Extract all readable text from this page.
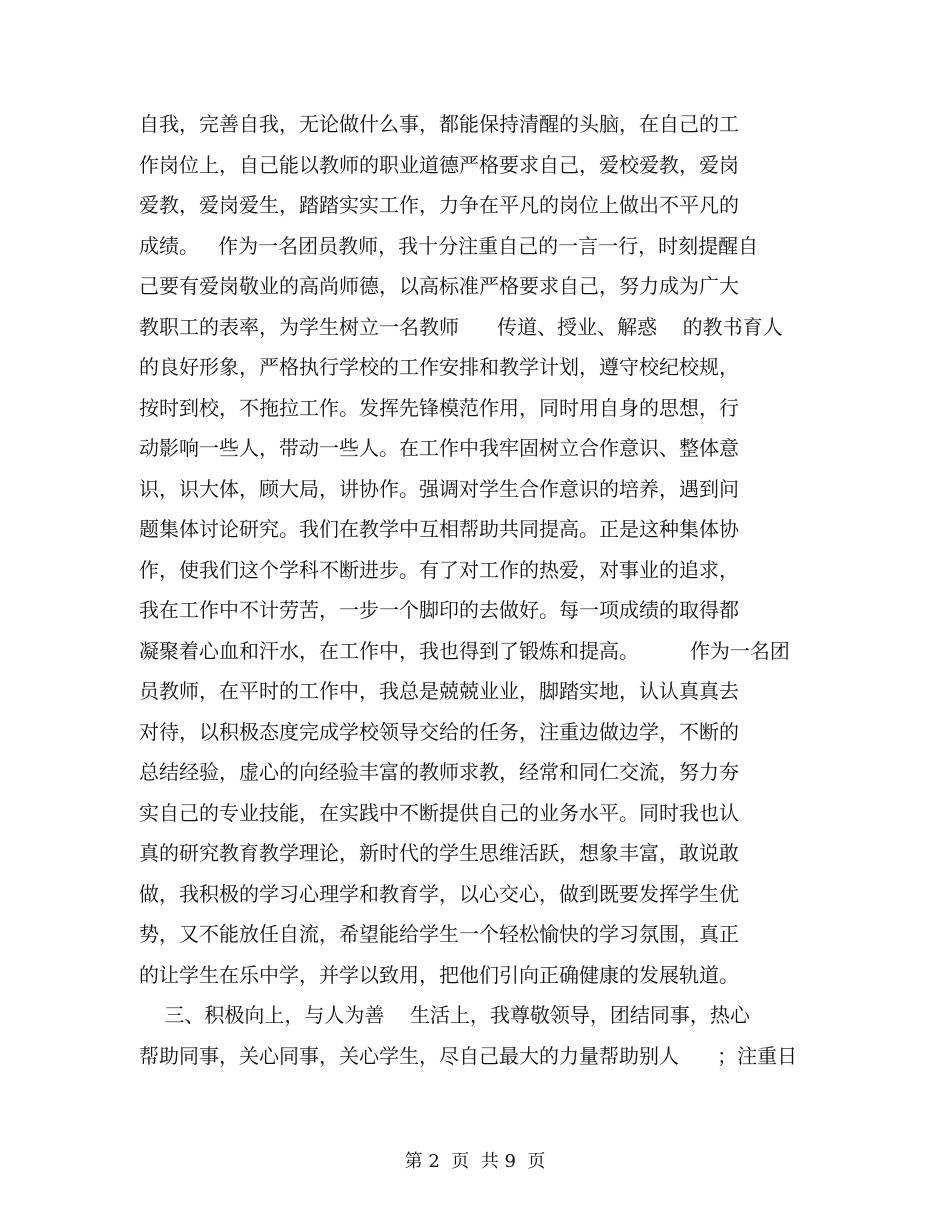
自我，完善自我，无论做什么事，都能保持清醒的头脑，在自己的工
作岗位上，自己能以教师的职业道德严格要求自己，爱校爱教，爱岗
爱教，爱岗爱生，踏踏实实工作，力争在平凡的岗位上做出不平凡的
成绩。   作为一名团员教师，我十分注重自己的一言一行，时刻提醒自
己要有爱岗敬业的高尚师德，以高标准严格要求自己，努力成为广大
教职工的表率，为学生树立一名教师      传道、授业、解惑    的教书育人
的良好形象，严格执行学校的工作安排和教学计划，遵守校纪校规，
按时到校，不拖拉工作。发挥先锋模范作用，同时用自身的思想，行
动影响一些人，带动一些人。在工作中我牢固树立合作意识、整体意
识，识大体，顾大局，讲协作。强调对学生合作意识的培养，遇到问
题集体讨论研究。我们在教学中互相帮助共同提高。正是这种集体协
作，使我们这个学科不断进步。有了对工作的热爱，对事业的追求，
我在工作中不计劳苦，一步一个脚印的去做好。每一项成绩的取得都
凝聚着心血和汗水，在工作中，我也得到了锻炼和提高。        作为一名团
员教师，在平时的工作中，我总是兢兢业业，脚踏实地，认认真真去
对待，以积极态度完成学校领导交给的任务，注重边做边学，不断的
总结经验，虚心的向经验丰富的教师求教，经常和同仁交流，努力夯
实自己的专业技能，在实践中不断提供自己的业务水平。同时我也认
真的研究教育教学理论，新时代的学生思维活跃，想象丰富，敢说敢
做，我积极的学习心理学和教育学，以心交心，做到既要发挥学生优
势，又不能放任自流，希望能给学生一个轻松愉快的学习氛围，真正
的让学生在乐中学，并学以致用，把他们引向正确健康的发展轨道。
三、积极向上，与人为善    生活上，我尊敬领导，团结同事，热心
帮助同事，关心同事，关心学生，尽自己最大的力量帮助别人      ；注重日
第 2  页  共 9  页
